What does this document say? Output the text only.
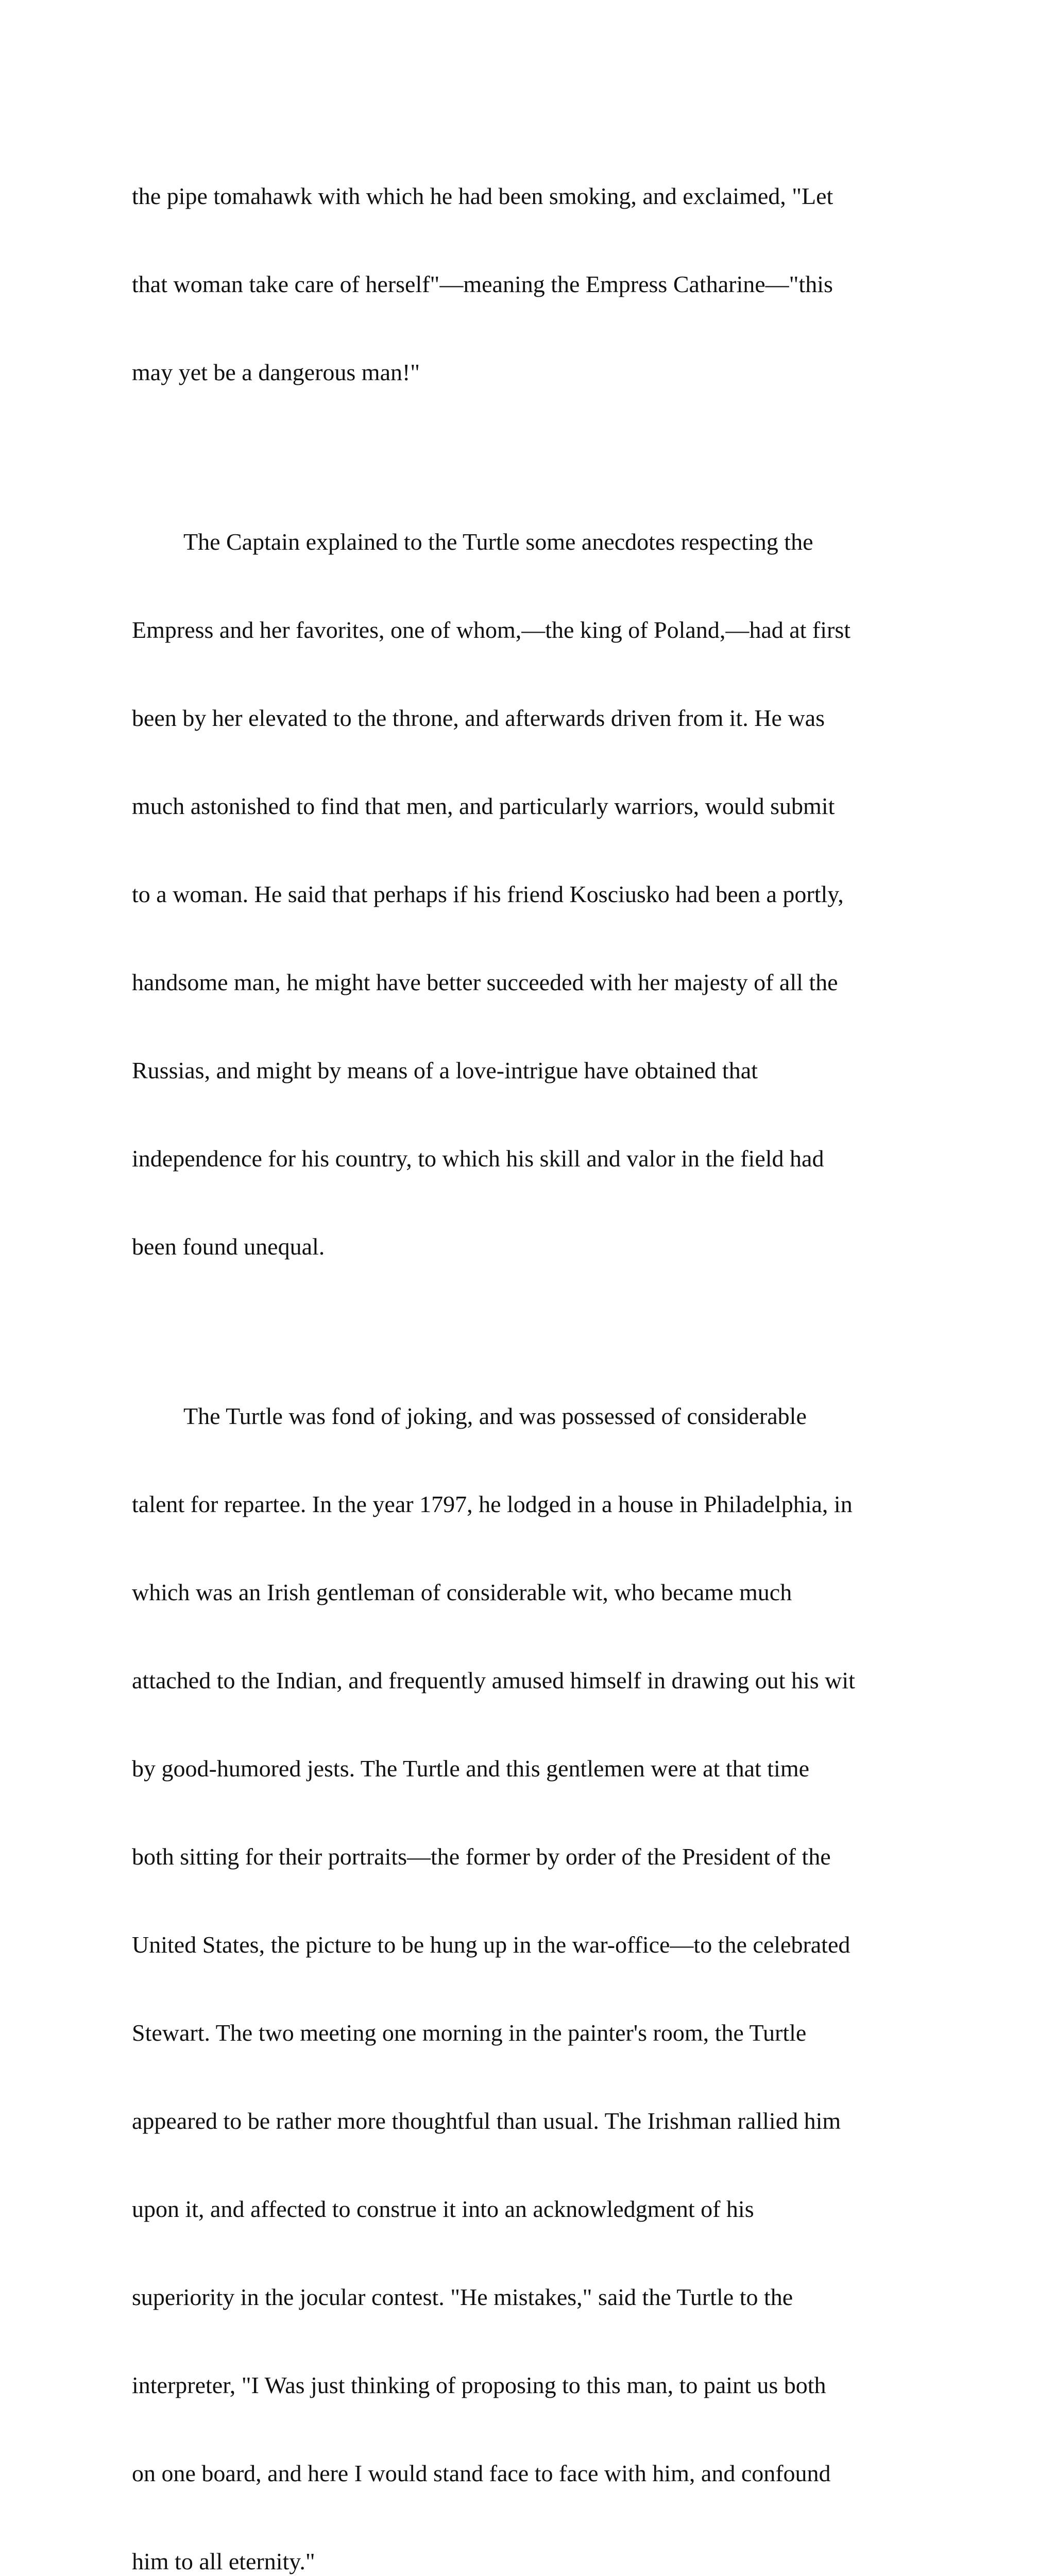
the pipe tomahawk with which he had been smoking, and exclaimed, "Let

that woman take care of herself"—meaning the Empress Catharine—"this

may yet be a dangerous man!"

The Captain explained to the Turtle some anecdotes respecting the

Empress and her favorites, one of whom,—the king of Poland,—had at first

been by her elevated to the throne, and afterwards driven from it. He was

much astonished to find that men, and particularly warriors, would submit

to a woman. He said that perhaps if his friend Kosciusko had been a portly,

handsome man, he might have better succeeded with her majesty of all the

Russias, and might by means of a love-intrigue have obtained that

independence for his country, to which his skill and valor in the field had

been found unequal.

The Turtle was fond of joking, and was possessed of considerable

talent for repartee. In the year 1797, he lodged in a house in Philadelphia, in

which was an Irish gentleman of considerable wit, who became much

attached to the Indian, and frequently amused himself in drawing out his wit

by good-humored jests. The Turtle and this gentlemen were at that time

both sitting for their portraits—the former by order of the President of the

United States, the picture to be hung up in the war-office—to the celebrated

Stewart. The two meeting one morning in the painter's room, the Turtle

appeared to be rather more thoughtful than usual. The Irishman rallied him

upon it, and affected to construe it into an acknowledgment of his

superiority in the jocular contest. "He mistakes," said the Turtle to the

interpreter, "I Was just thinking of proposing to this man, to paint us both

on one board, and here I would stand face to face with him, and confound

him to all eternity."
